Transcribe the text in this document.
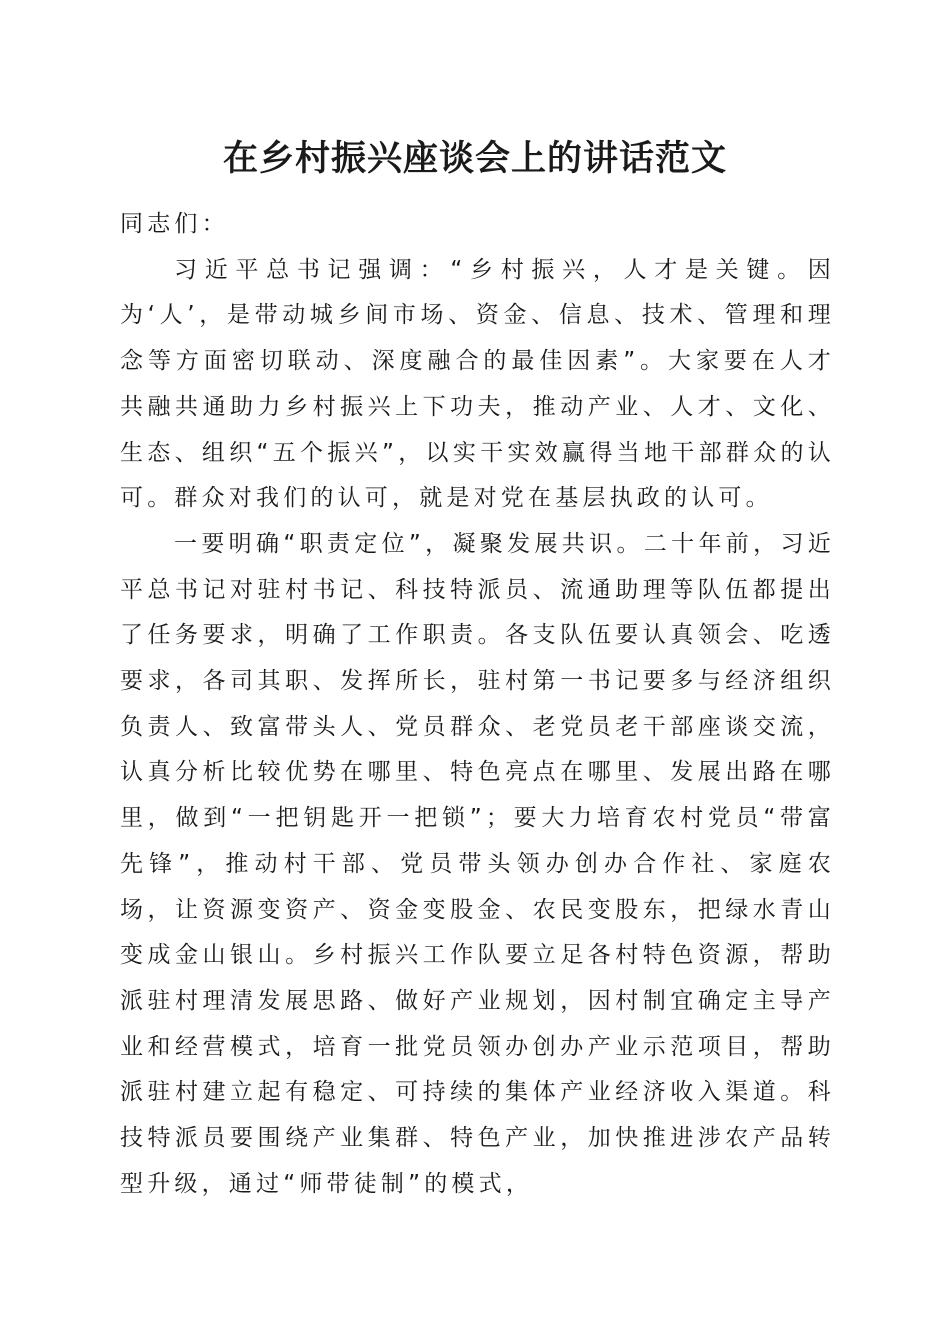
在乡村振兴座谈会上的讲话范文

同志们：

习近平总书记强调：“乡村振兴，人才是关键。因为‘人’，是带动城乡间市场、资金、信息、技术、管理和理念等方面密切联动、深度融合的最佳因素”。大家要在人才共融共通助力乡村振兴上下功夫，推动产业、人才、文化、生态、组织“五个振兴”，以实干实效赢得当地干部群众的认可。群众对我们的认可，就是对党在基层执政的认可。

一要明确“职责定位”，凝聚发展共识。二十年前，习近平总书记对驻村书记、科技特派员、流通助理等队伍都提出了任务要求，明确了工作职责。各支队伍要认真领会、吃透要求，各司其职、发挥所长，驻村第一书记要多与经济组织负责人、致富带头人、党员群众、老党员老干部座谈交流，认真分析比较优势在哪里、特色亮点在哪里、发展出路在哪里，做到“一把钥匙开一把锁”；要大力培育农村党员“带富先锋”，推动村干部、党员带头领办创办合作社、家庭农场，让资源变资产、资金变股金、农民变股东，把绿水青山变成金山银山。乡村振兴工作队要立足各村特色资源，帮助派驻村理清发展思路、做好产业规划，因村制宜确定主导产业和经营模式，培育一批党员领办创办产业示范项目，帮助派驻村建立起有稳定、可持续的集体产业经济收入渠道。科技特派员要围绕产业集群、特色产业，加快推进涉农产品转型升级，通过“师带徒制”的模式，
